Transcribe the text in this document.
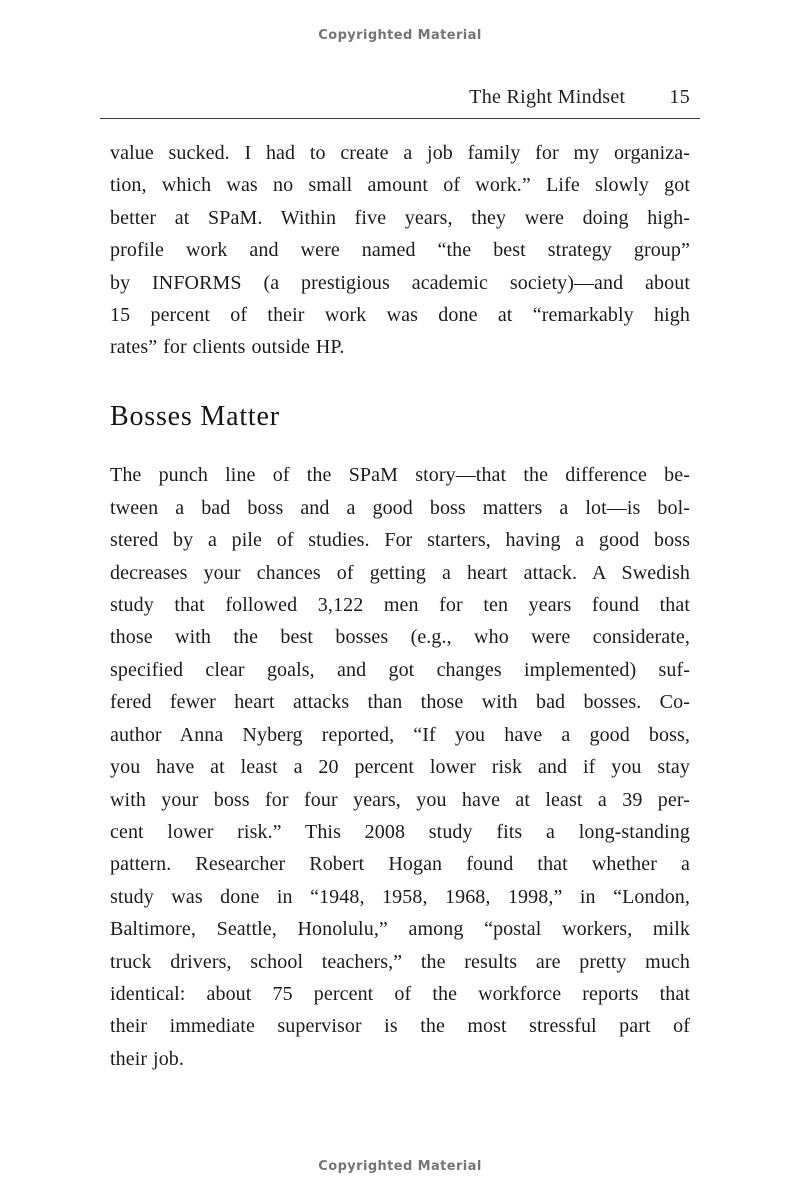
Copyrighted Material
The Right Mindset 15
value sucked. I had to create a job family for my organiza-
tion, which was no small amount of work.” Life slowly got
better at SPaM. Within five years, they were doing high-
profile work and were named “the best strategy group”
by INFORMS (a prestigious academic society)—and about
15 percent of their work was done at “remarkably high
rates” for clients outside HP.
Bosses Matter
The punch line of the SPaM story—that the difference be-
tween a bad boss and a good boss matters a lot—is bol-
stered by a pile of studies. For starters, having a good boss
decreases your chances of getting a heart attack. A Swedish
study that followed 3,122 men for ten years found that
those with the best bosses (e.g., who were considerate,
specified clear goals, and got changes implemented) suf-
fered fewer heart attacks than those with bad bosses. Co-
author Anna Nyberg reported, “If you have a good boss,
you have at least a 20 percent lower risk and if you stay
with your boss for four years, you have at least a 39 per-
cent lower risk.” This 2008 study fits a long-standing
pattern. Researcher Robert Hogan found that whether a
study was done in “1948, 1958, 1968, 1998,” in “London,
Baltimore, Seattle, Honolulu,” among “postal workers, milk
truck drivers, school teachers,” the results are pretty much
identical: about 75 percent of the workforce reports that
their immediate supervisor is the most stressful part of
their job.
Copyrighted Material
